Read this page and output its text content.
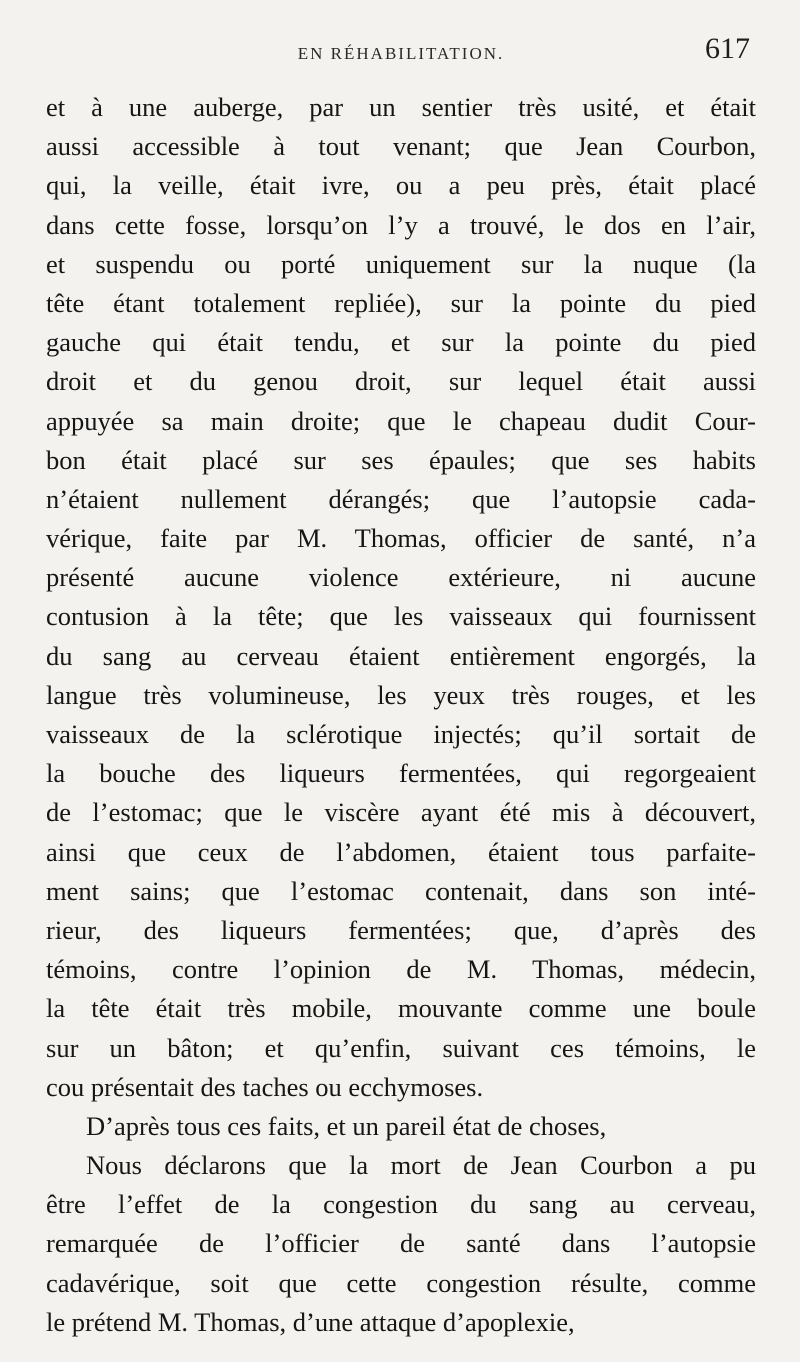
EN RÉHABILITATION.	617
et à une auberge, par un sentier très usité, et était
aussi accessible à tout venant; que Jean Courbon,
qui, la veille, était ivre, ou a peu près, était placé
dans cette fosse, lorsqu’on l’y a trouvé, le dos en l’air,
et suspendu ou porté uniquement sur la nuque (la
tête étant totalement repliée), sur la pointe du pied
gauche qui était tendu, et sur la pointe du pied
droit et du genou droit, sur lequel était aussi
appuyée sa main droite; que le chapeau dudit Cour-
bon était placé sur ses épaules; que ses habits
n’étaient nullement dérangés; que l’autopsie cada-
vérique, faite par M. Thomas, officier de santé, n’a
présenté aucune violence extérieure, ni aucune
contusion à la tête; que les vaisseaux qui fournissent
du sang au cerveau étaient entièrement engorgés, la
langue très volumineuse, les yeux très rouges, et les
vaisseaux de la sclérotique injectés; qu’il sortait de
la bouche des liqueurs fermentées, qui regorgeaient
de l’estomac; que le viscère ayant été mis à découvert,
ainsi que ceux de l’abdomen, étaient tous parfaite-
ment sains; que l’estomac contenait, dans son inté-
rieur, des liqueurs fermentées; que, d’après des
témoins, contre l’opinion de M. Thomas, médecin,
la tête était très mobile, mouvante comme une boule
sur un bâton; et qu’enfin, suivant ces témoins, le
cou présentait des taches ou ecchymoses.
D’après tous ces faits, et un pareil état de choses,
Nous déclarons que la mort de Jean Courbon a pu
être l’effet de la congestion du sang au cerveau,
remarquée de l’officier de santé dans l’autopsie
cadavérique, soit que cette congestion résulte, comme
le prétend M. Thomas, d’une attaque d’apoplexie,
